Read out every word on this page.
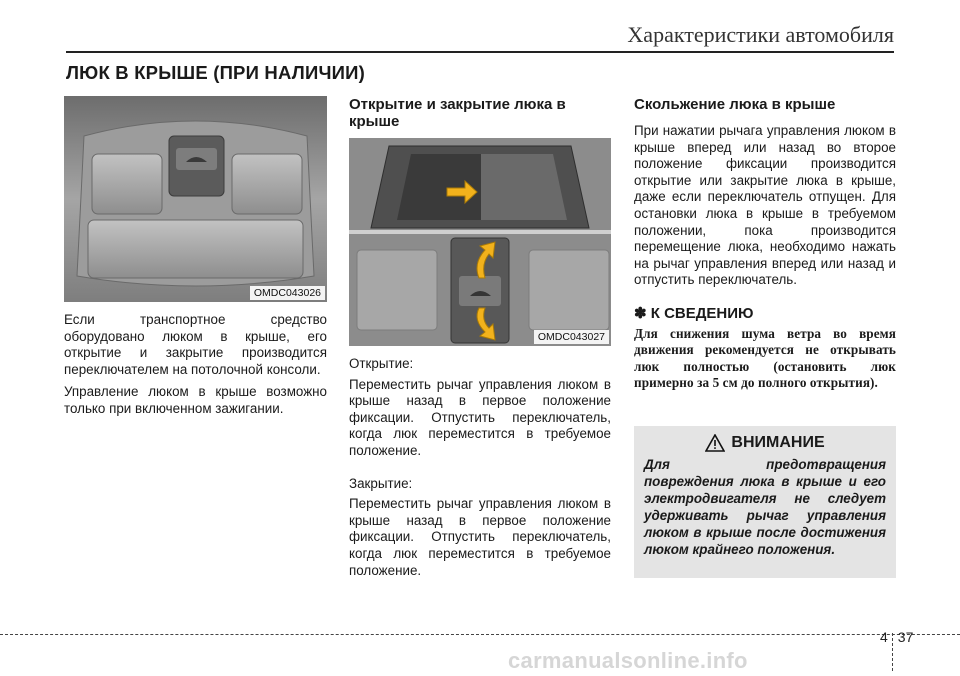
Характеристики автомобиля
ЛЮК В КРЫШЕ (ПРИ НАЛИЧИИ)
OMDC043026

Если транспортное средство оборудовано люком в крыше, его открытие и закрытие производится переключателем на потолочной консоли.

Управление люком в крыше возможно только при включенном зажигании.

Открытие и закрытие люка в крыше
OMDC043027

Открытие:

Переместить рычаг управления люком в крыше назад в первое положение фиксации. Отпустить переключатель, когда люк переместится в требуемое положение.

Закрытие:

Переместить рычаг управления люком в крыше назад в первое положение фиксации. Отпустить переключатель, когда люк переместится в требуемое положение.

Скольжение люка в крыше

При нажатии рычага управления люком в крыше вперед или назад во второе положение фиксации производится открытие или закрытие люка в крыше, даже если переключатель отпущен. Для остановки люка в крыше в требуемом положении, пока производится перемещение люка, необходимо нажать на рычаг управления вперед или назад и отпустить переключатель.

✽ К СВЕДЕНИЮ
Для снижения шума ветра во время движения рекомендуется не открывать люк полностью (остановить люк примерно за 5 см до полного открытия).
ВНИМАНИЕ
Для предотвращения повреждения люка в крыше и его электродвигателя не следует удерживать рычаг управления люком в крыше после достижения люком крайнего положения.
4 37
carmanualsonline.info
